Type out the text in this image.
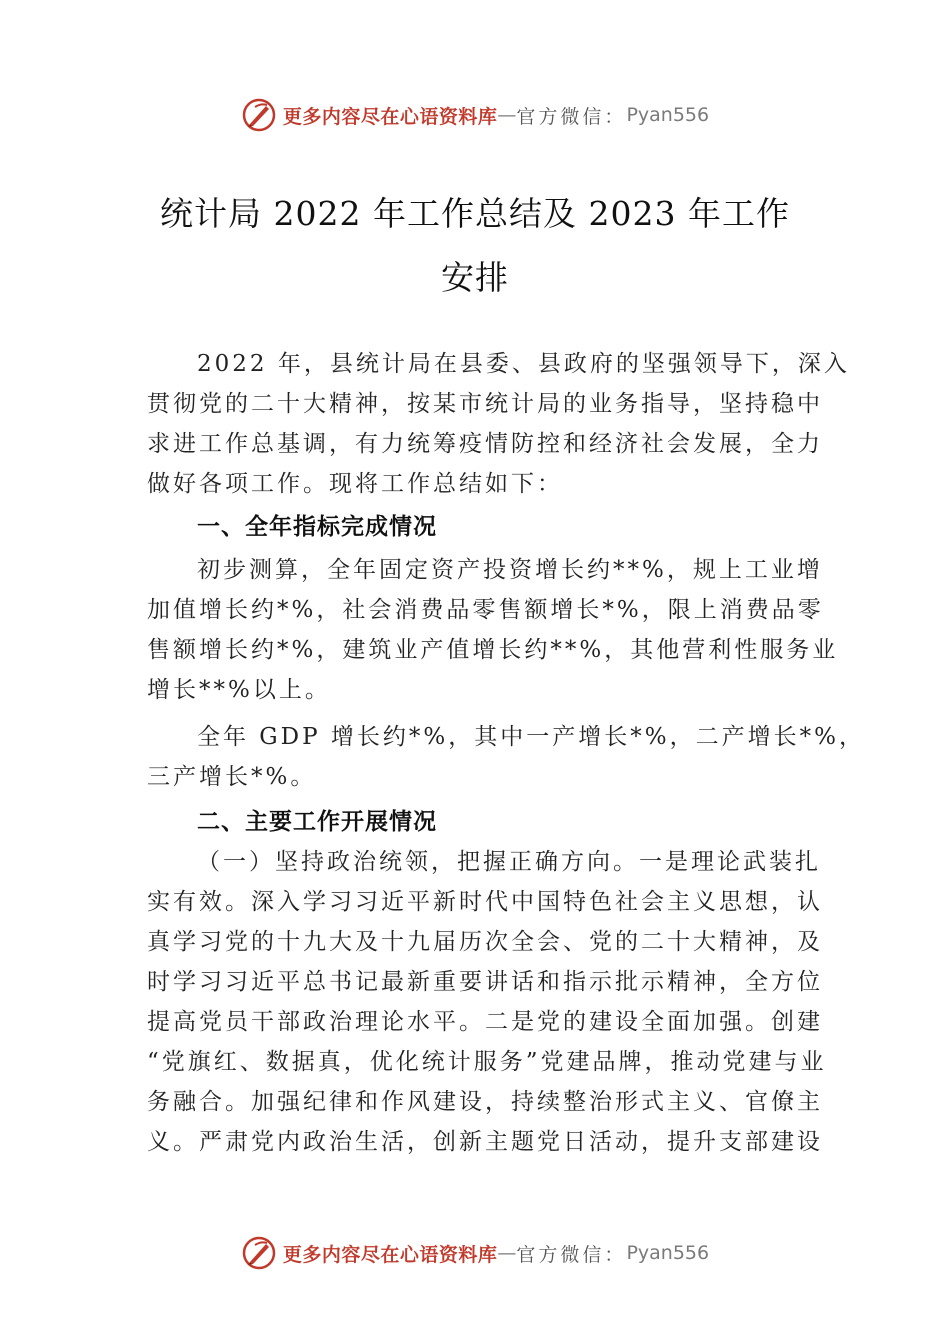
更多内容尽在心语资料库 — 官方微信： Pyan556
统计局 2022 年工作总结及 2023 年工作
安排
2022 年，县统计局在县委、县政府的坚强领导下，深入
贯彻党的二十大精神，按某市统计局的业务指导，坚持稳中
求进工作总基调，有力统筹疫情防控和经济社会发展，全力
做好各项工作。现将工作总结如下：
一、全年指标完成情况
初步测算，全年固定资产投资增长约**%，规上工业增
加值增长约*%，社会消费品零售额增长*%，限上消费品零
售额增长约*%，建筑业产值增长约**%，其他营利性服务业
增长**%以上。
全年 GDP 增长约*%，其中一产增长*%，二产增长*%，
三产增长*%。
二、主要工作开展情况
（一）坚持政治统领，把握正确方向。一是理论武装扎
实有效。深入学习习近平新时代中国特色社会主义思想，认
真学习党的十九大及十九届历次全会、党的二十大精神，及
时学习习近平总书记最新重要讲话和指示批示精神，全方位
提高党员干部政治理论水平。二是党的建设全面加强。创建
“党旗红、数据真，优化统计服务”党建品牌，推动党建与业
务融合。加强纪律和作风建设，持续整治形式主义、官僚主
义。严肃党内政治生活，创新主题党日活动，提升支部建设
更多内容尽在心语资料库 — 官方微信： Pyan556
